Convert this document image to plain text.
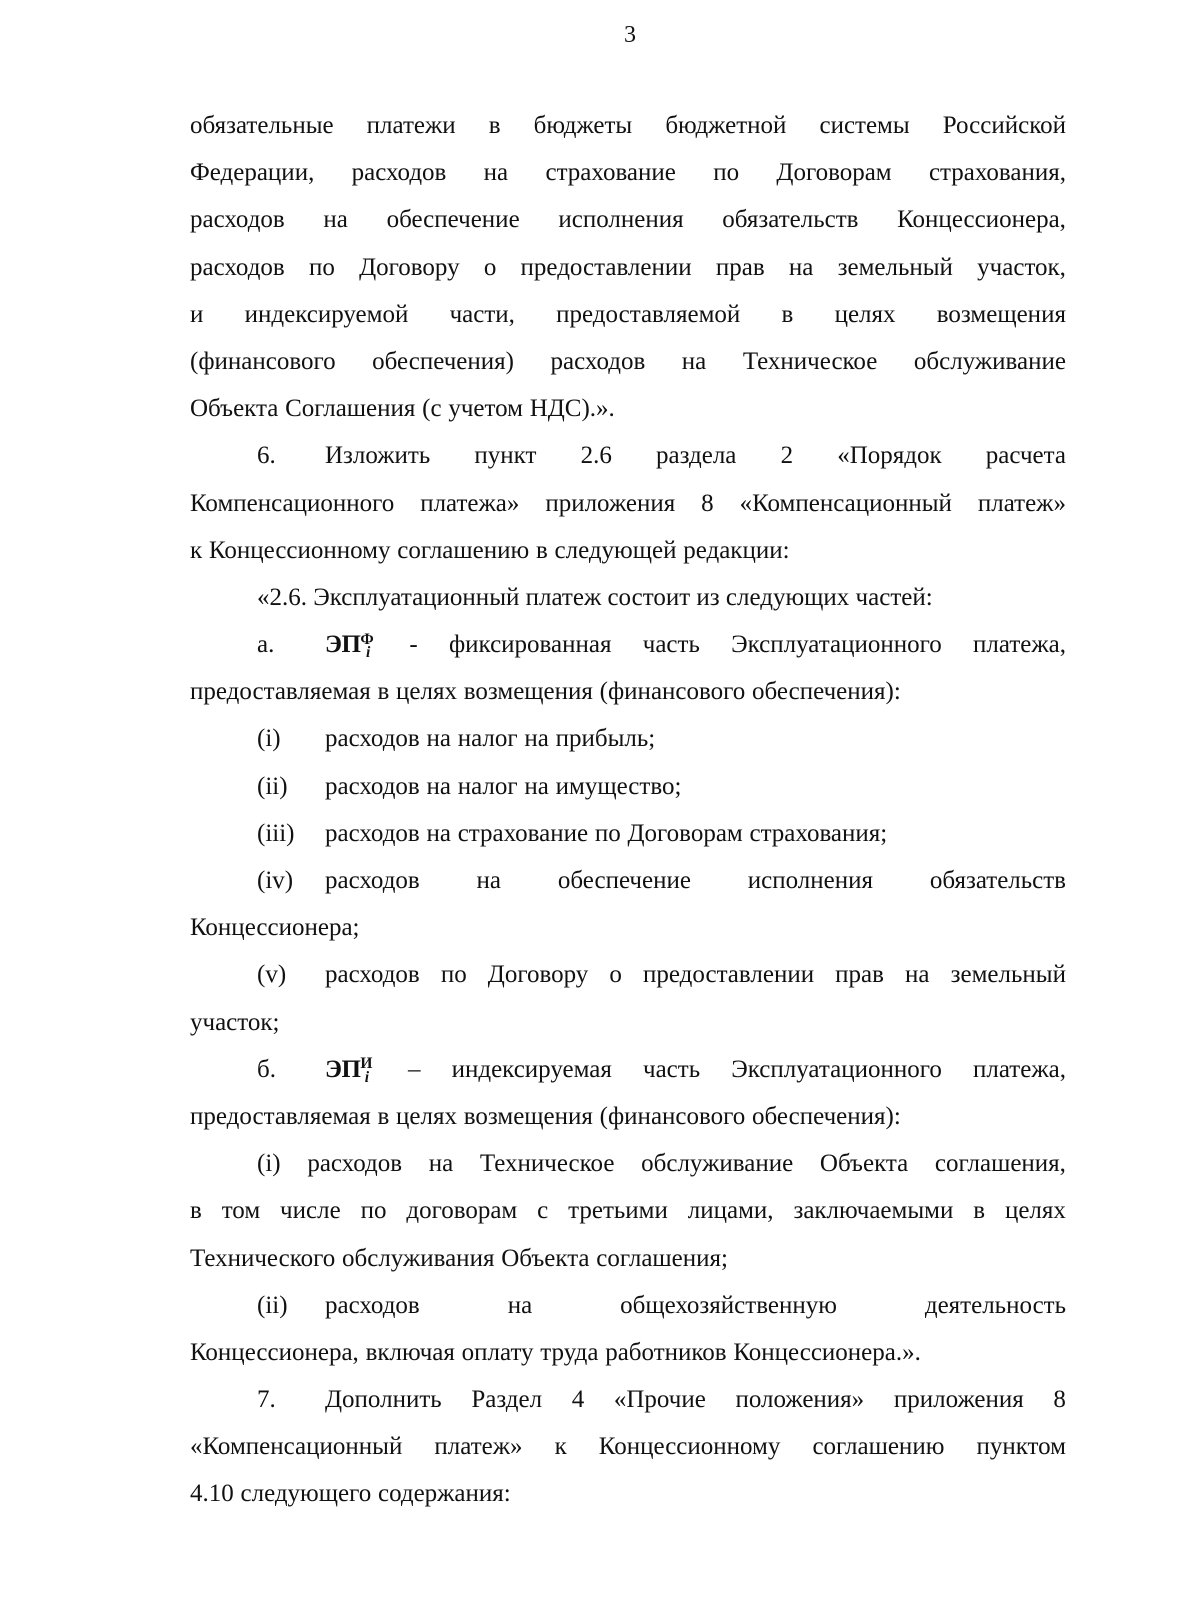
3
обязательные платежи в бюджеты бюджетной системы Российской
Федерации, расходов на страхование по Договорам страхования,
расходов на обеспечение исполнения обязательств Концессионера,
расходов по Договору о предоставлении прав на земельный участок,
и индексируемой части, предоставляемой в целях возмещения
(финансового обеспечения) расходов на Техническое обслуживание
Объекта Соглашения (с учетом НДС).».
6. Изложить пункт 2.6 раздела 2 «Порядок расчета
Компенсационного платежа» приложения 8 «Компенсационный платеж»
к Концессионному соглашению в следующей редакции:
«2.6. Эксплуатационный платеж состоит из следующих частей:
а. $ЭП^Ф_i$	- фиксированная часть Эксплуатационного платежа,
предоставляемая в целях возмещения (финансового обеспечения):
(i) расходов на налог на прибыль;
(ii) расходов на налог на имущество;
(iii) расходов на страхование по Договорам страхования;
(iv) расходов на обеспечение исполнения обязательств
Концессионера;
(v) расходов по Договору о предоставлении прав на земельный
участок;
б. $ЭП^И_i$	– индексируемая часть Эксплуатационного платежа,
предоставляемая в целях возмещения (финансового обеспечения):
(i) расходов на Техническое обслуживание Объекта соглашения,
в том числе по договорам с третьими лицами, заключаемыми в целях
Технического обслуживания Объекта соглашения;
(ii) расходов	на	общехозяйственную	деятельность
Концессионера, включая оплату труда работников Концессионера.».
7. Дополнить Раздел 4 «Прочие положения» приложения 8
«Компенсационный платеж» к Концессионному соглашению пунктом
4.10 следующего содержания:
